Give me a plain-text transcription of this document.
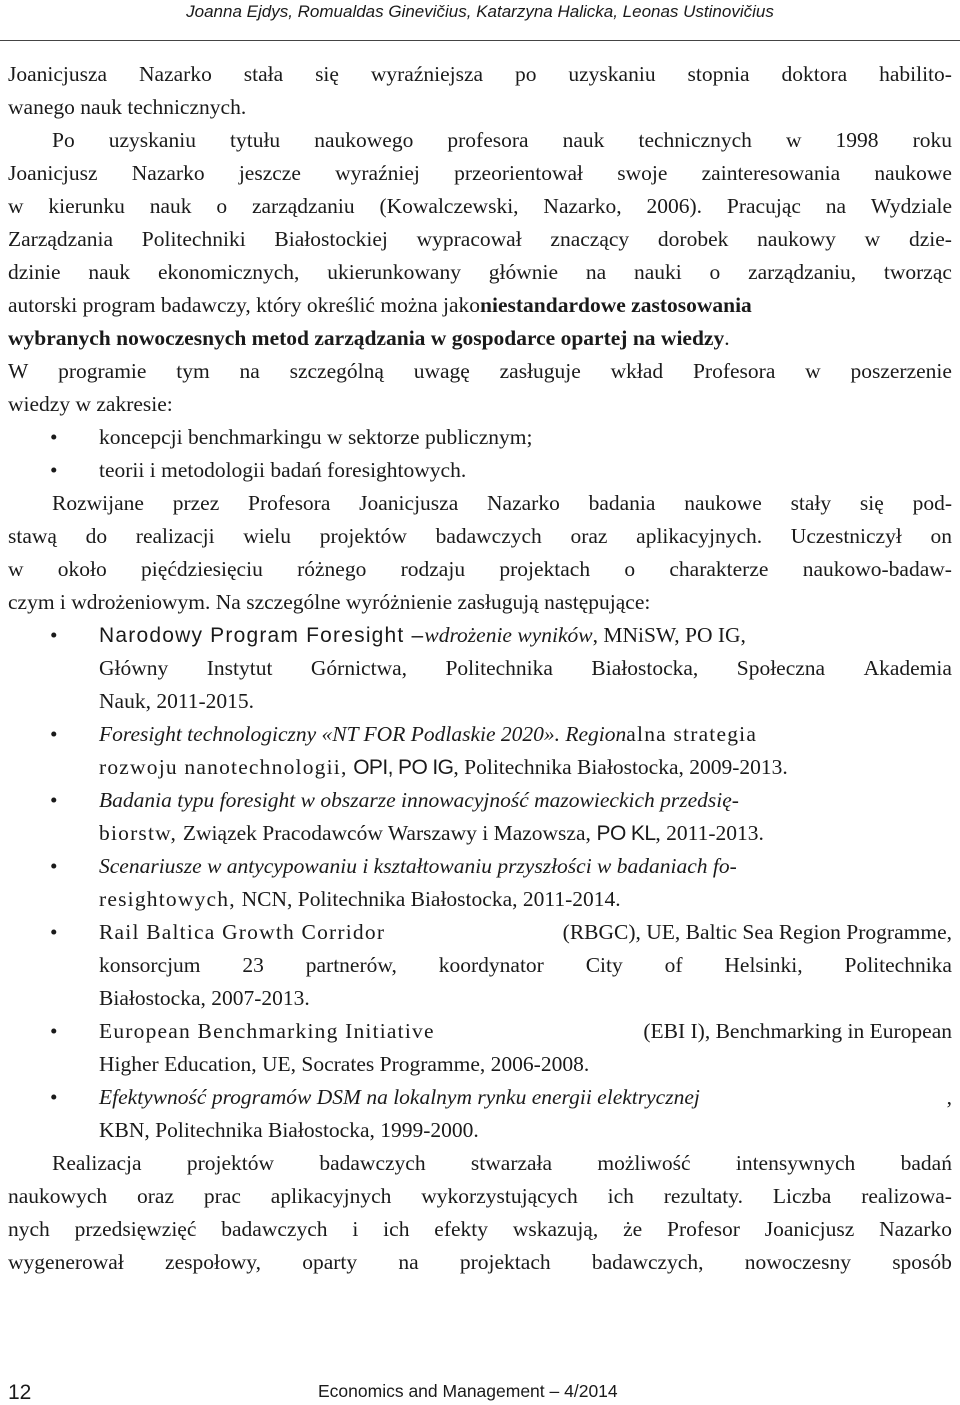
Joanna Ejdys, Romualdas Ginevičius, Katarzyna Halicka, Leonas Ustinovičius
Joanicjusza Nazarko stała się wyraźniejsza po uzyskaniu stopnia doktora habilito-
wanego nauk technicznych.
Po uzyskaniu tytułu naukowego profesora nauk technicznych w 1998 roku
Joanicjusz Nazarko jeszcze wyraźniej przeorientował swoje zainteresowania naukowe
w kierunku nauk o zarządzaniu (Kowalczewski, Nazarko, 2006). Pracując na Wydziale
Zarządzania Politechniki Białostockiej wypracował znaczący dorobek naukowy w dzie-
dzinie nauk ekonomicznych, ukierunkowany głównie na nauki o zarządzaniu, tworząc
autorski program badawczy, który określić można jako niestandardowe zastosowania
wybranych nowoczesnych metod zarządzania w gospodarce opartej na wiedzy .
W programie tym na szczególną uwagę zasługuje wkład Profesora w poszerzenie
wiedzy w zakresie:
• koncepcji benchmarkingu w sektorze publicznym;
• teorii i metodologii badań foresightowych.
Rozwijane przez Profesora Joanicjusza Nazarko badania naukowe stały się pod-
stawą do realizacji wielu projektów badawczych oraz aplikacyjnych. Uczestniczył on
w około pięćdziesięciu różnego rodzaju projektach o charakterze naukowo-badaw-
czym i wdrożeniowym. Na szczególne wyróżnienie zasługują następujące:
• Narodowy Program Foresight – wdrożenie wyników , MNiSW, PO IG,
Główny Instytut Górnictwa, Politechnika Białostocka, Społeczna Akademia
Nauk, 2011-2015.
• Foresight technologiczny «NT FOR Podlaskie 2020». Region alna strategia
rozwoju nanotechnologii, OPI, PO IG , Politechnika Białostocka, 2009-2013.
• Badania typu foresight w obszarze innowacyjność mazowieckich przedsię-
biorstw, Związek Pracodawców Warszawy i Mazowsza, PO KL , 2011-2013.
• Scenariusze w antycypowaniu i kształtowaniu przyszłości w badaniach fo-
resightowych, NCN, Politechnika Białostocka, 2011-2014.
• Rail Baltica Growth Corridor	(RBGC), UE, Baltic Sea Region Programme,
konsorcjum 23 partnerów, koordynator City of Helsinki, Politechnika
Białostocka, 2007-2013.
• European Benchmarking Initiative	(EBI I), Benchmarking in European
Higher Education, UE, Socrates Programme, 2006-2008.
• Efektywność programów DSM na lokalnym rynku energii elektrycznej	,
KBN, Politechnika Białostocka, 1999-2000.
Realizacja projektów badawczych stwarzała możliwość intensywnych badań
naukowych oraz prac aplikacyjnych wykorzystujących ich rezultaty. Liczba realizowa-
nych przedsięwzięć badawczych i ich efekty wskazują, że Profesor Joanicjusz Nazarko
wygenerował zespołowy, oparty na projektach badawczych, nowoczesny sposób
12	Economics and Management – 4/2014
